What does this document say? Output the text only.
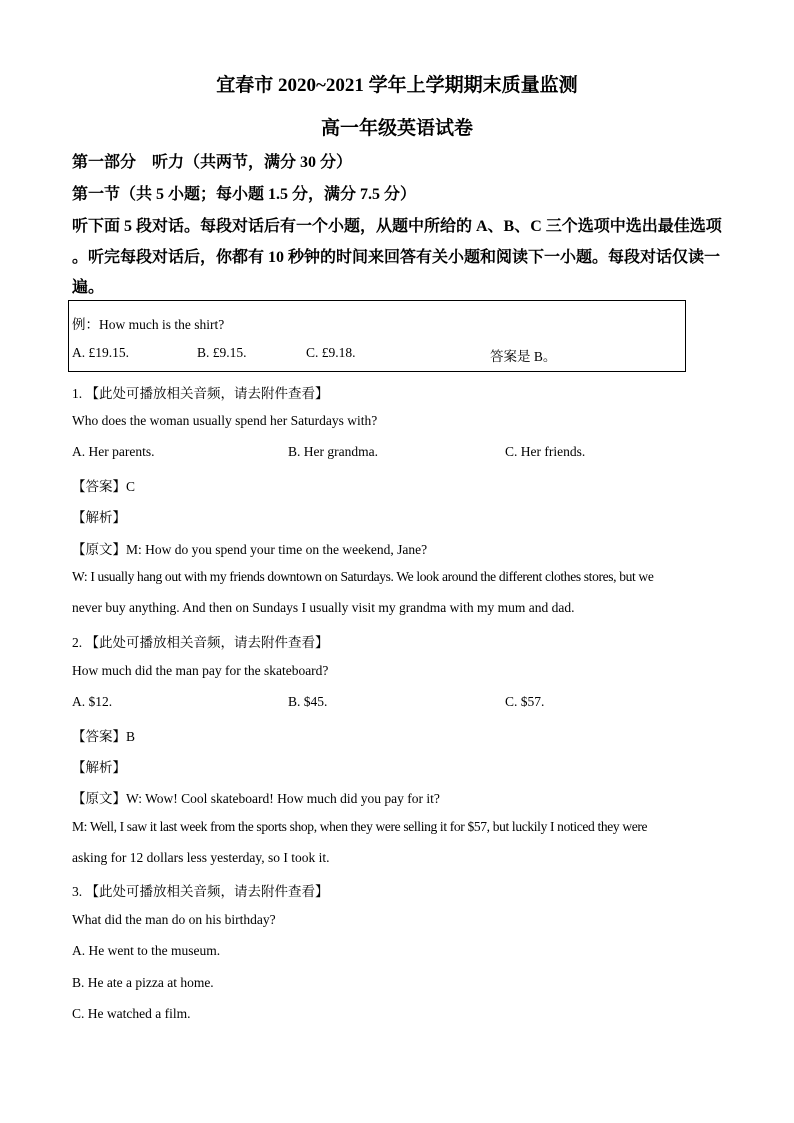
宜春市 2020~2021 学年上学期期末质量监测
高一年级英语试卷
第一部分　听力（共两节，满分 30 分）
第一节（共 5 小题；每小题 1.5 分，满分 7.5 分）
听下面 5 段对话。每段对话后有一个小题，从题中所给的 A、B、C 三个选项中选出最佳选项
。听完每段对话后，你都有 10 秒钟的时间来回答有关小题和阅读下一小题。每段对话仅读一
遍。
例：How much is the shirt?
A. £19.15.	B. £9.15.	C. £9.18.	答案是 B。
1. 【此处可播放相关音频，请去附件查看】
Who does the woman usually spend her Saturdays with?
A. Her parents.	B. Her grandma.	C. Her friends.
【答案】C
【解析】
【原文】M: How do you spend your time on the weekend, Jane?
W: I usually hang out with my friends downtown on Saturdays. We look around the different clothes stores, but we
never buy anything. And then on Sundays I usually visit my grandma with my mum and dad.
2. 【此处可播放相关音频，请去附件查看】
How much did the man pay for the skateboard?
A. $12.	B. $45.	C. $57.
【答案】B
【解析】
【原文】W: Wow! Cool skateboard! How much did you pay for it?
M: Well, I saw it last week from the sports shop, when they were selling it for $57, but luckily I noticed they were
asking for 12 dollars less yesterday, so I took it.
3. 【此处可播放相关音频，请去附件查看】
What did the man do on his birthday?
A. He went to the museum.
B. He ate a pizza at home.
C. He watched a film.
